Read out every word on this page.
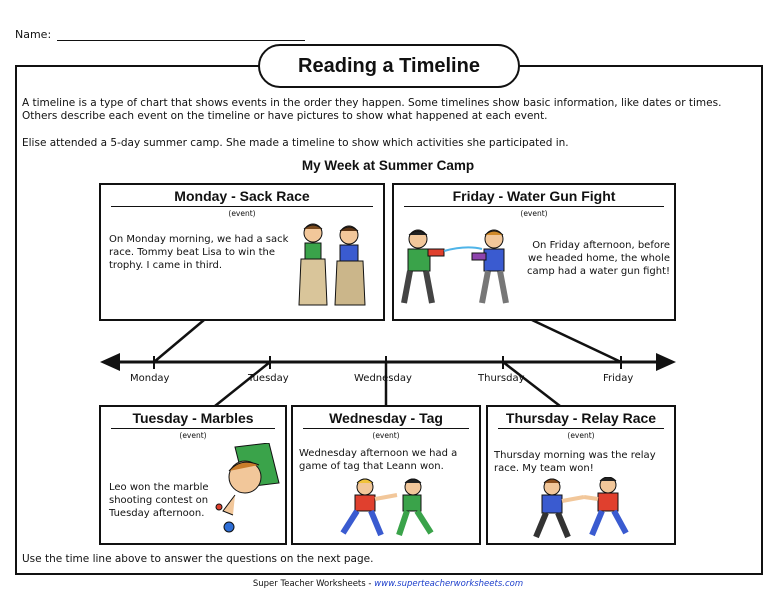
Name:
Reading a Timeline
A timeline is a type of chart that shows events in the order they happen. Some timelines show basic information, like dates or times. Others describe each event on the timeline or have pictures to show what happened at each event.
Elise attended a 5-day summer camp. She made a timeline to show which activities she participated in.
My Week at Summer Camp
Monday	Tuesday	Wednesday	Thursday	Friday
Monday - Sack Race
(event)
On Monday morning, we had a sack race. Tommy beat Lisa to win the trophy. I came in third.
Friday - Water Gun Fight
(event)
On Friday afternoon, before we headed home, the whole camp had a water gun fight!
Tuesday - Marbles
(event)
Leo won the marble shooting contest on Tuesday afternoon.
Wednesday - Tag
(event)
Wednesday afternoon we had a game of tag that Leann won.
Thursday - Relay Race
(event)
Thursday morning was the relay race. My team won!
Use the time line above to answer the questions on the next page.
Super Teacher Worksheets - www.superteacherworksheets.com
